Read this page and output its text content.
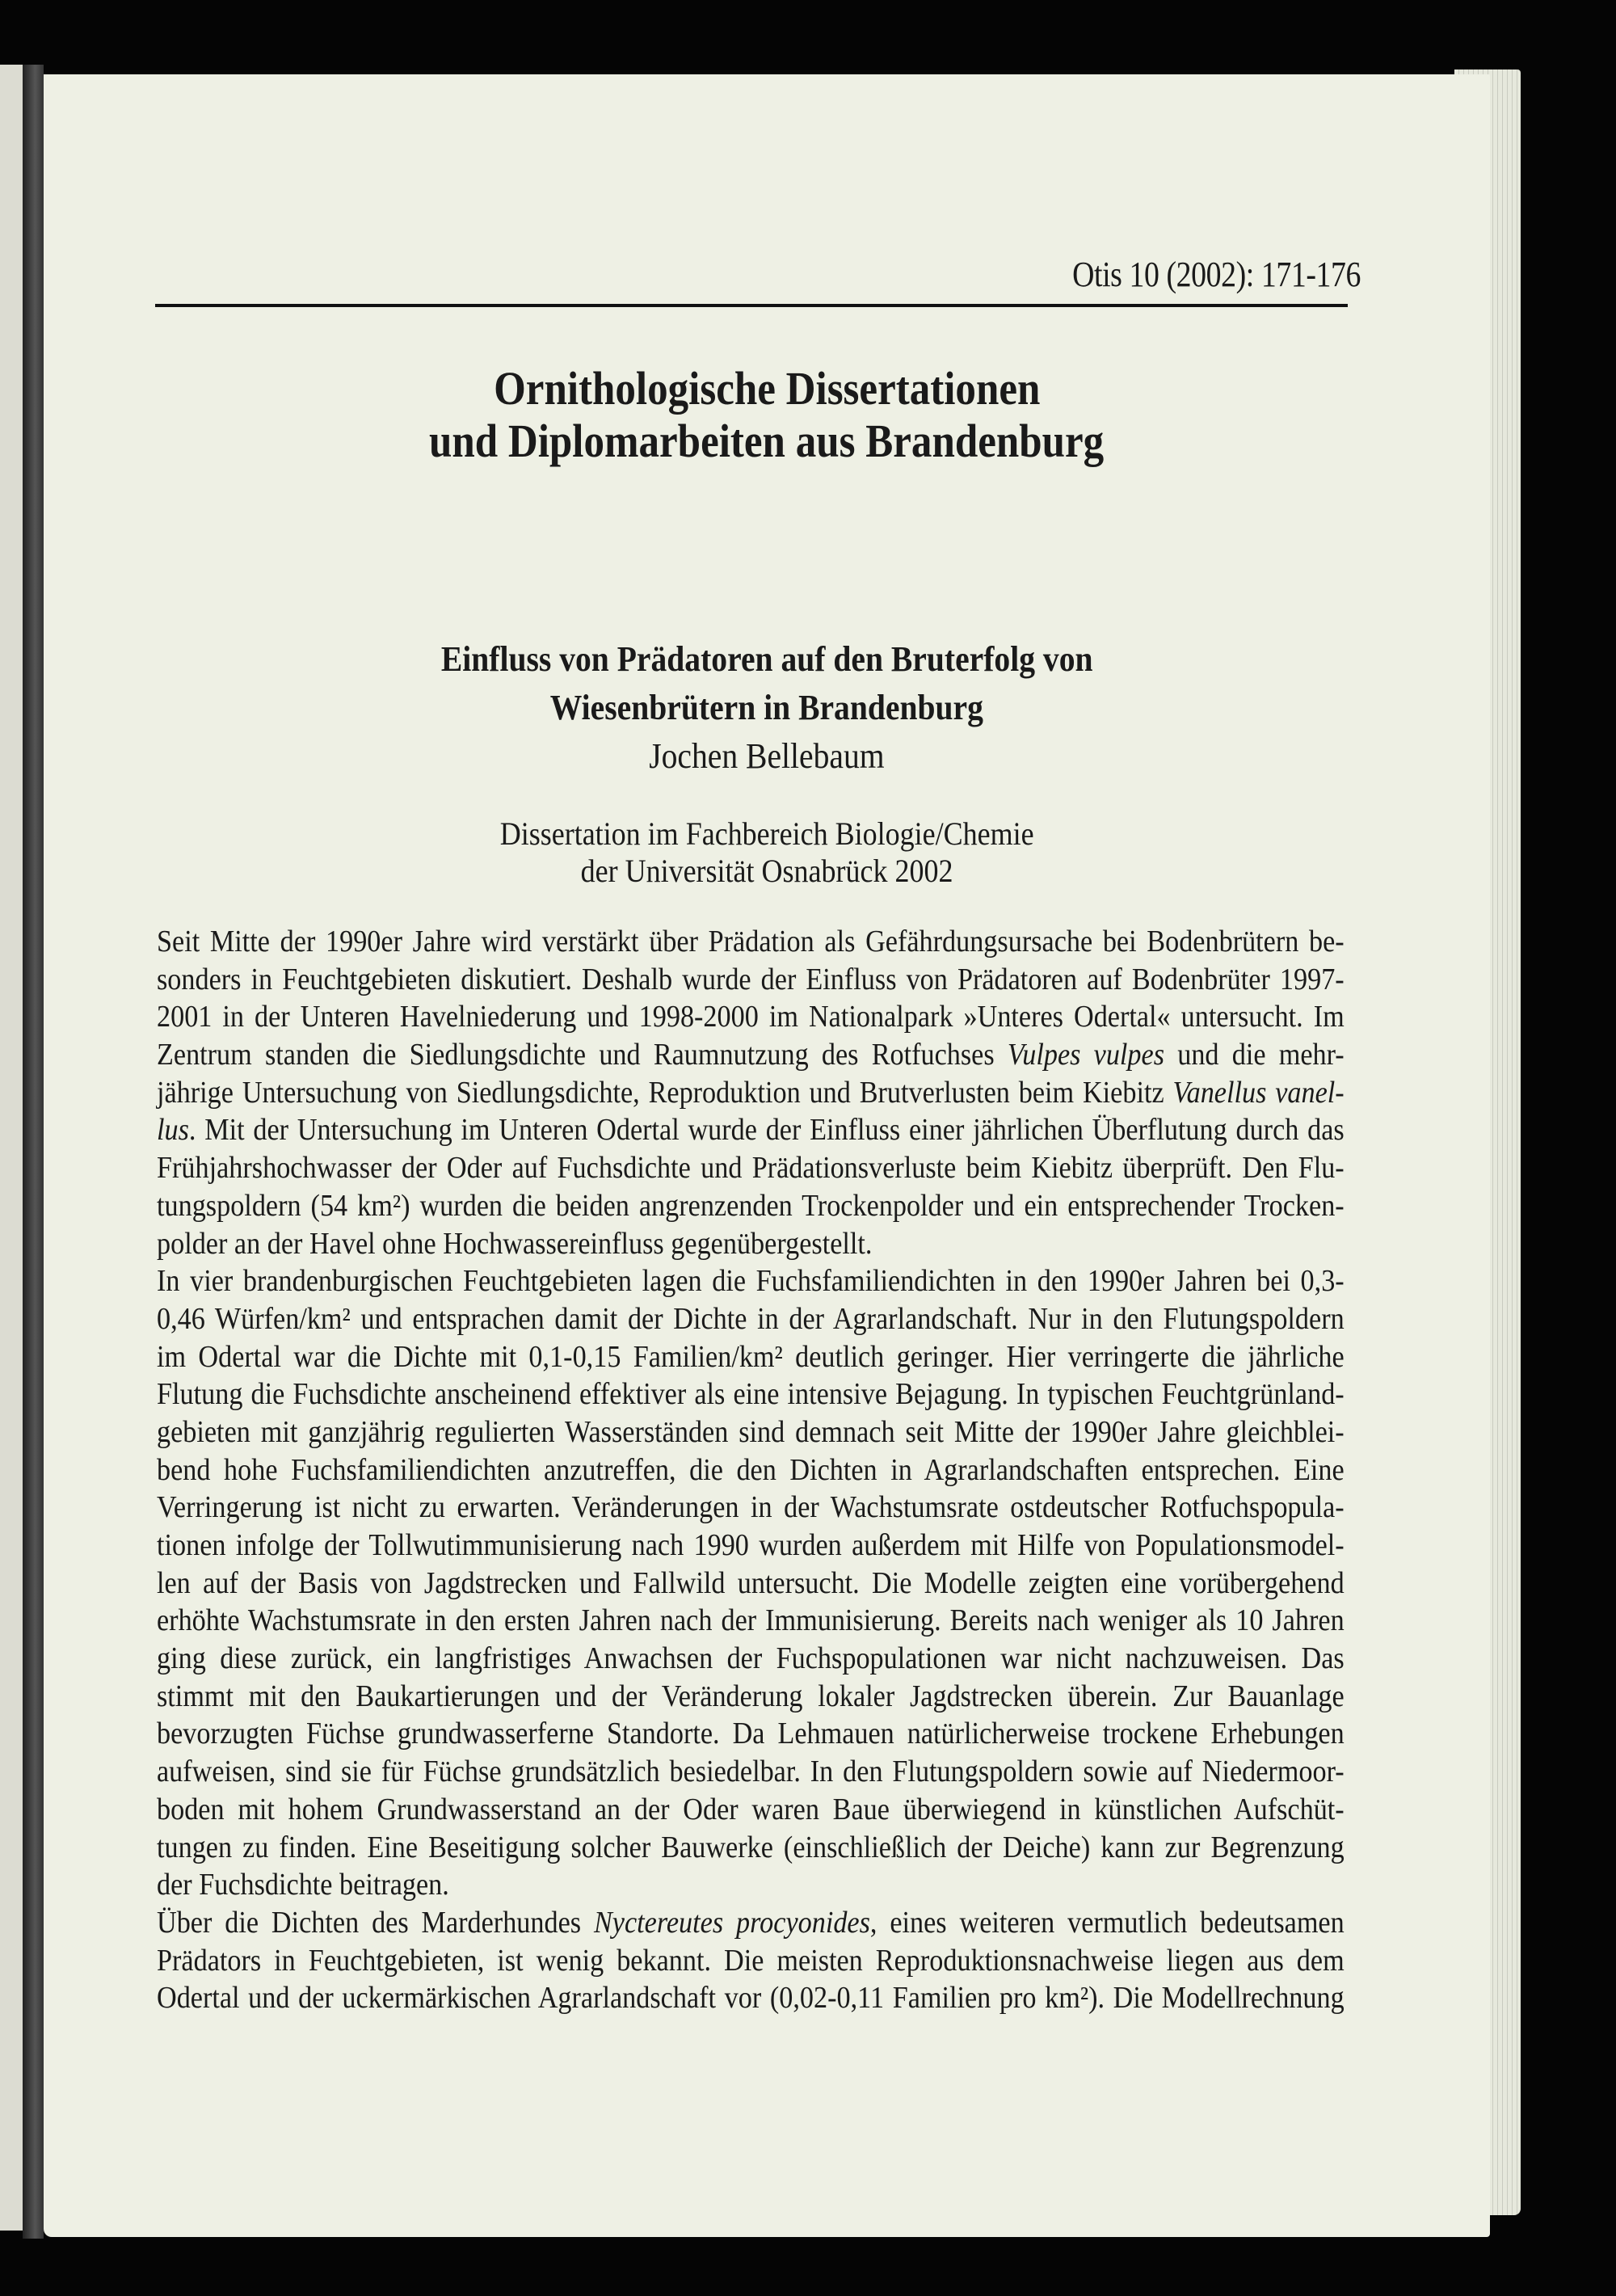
Otis 10 (2002): 171-176
Ornithologische Dissertationen
und Diplomarbeiten aus Brandenburg
Einfluss von Prädatoren auf den Bruterfolg von
Wiesenbrütern in Brandenburg
Jochen Bellebaum
Dissertation im Fachbereich Biologie/Chemie
der Universität Osnabrück 2002
Seit Mitte der 1990er Jahre wird verstärkt über Prädation als Gefährdungsursache bei Bodenbrütern be-
sonders in Feuchtgebieten diskutiert. Deshalb wurde der Einfluss von Prädatoren auf Bodenbrüter 1997-
2001 in der Unteren Havelniederung und 1998-2000 im Nationalpark »Unteres Odertal« untersucht. Im
Zentrum standen die Siedlungsdichte und Raumnutzung des Rotfuchses Vulpes vulpes und die mehr-
jährige Untersuchung von Siedlungsdichte, Reproduktion und Brutverlusten beim Kiebitz Vanellus vanel-
lus. Mit der Untersuchung im Unteren Odertal wurde der Einfluss einer jährlichen Überflutung durch das
Frühjahrshochwasser der Oder auf Fuchsdichte und Prädationsverluste beim Kiebitz überprüft. Den Flu-
tungspoldern (54 km²) wurden die beiden angrenzenden Trockenpolder und ein entsprechender Trocken-
polder an der Havel ohne Hochwassereinfluss gegenübergestellt.
In vier brandenburgischen Feuchtgebieten lagen die Fuchsfamiliendichten in den 1990er Jahren bei 0,3-
0,46 Würfen/km² und entsprachen damit der Dichte in der Agrarlandschaft. Nur in den Flutungspoldern
im Odertal war die Dichte mit 0,1-0,15 Familien/km² deutlich geringer. Hier verringerte die jährliche
Flutung die Fuchsdichte anscheinend effektiver als eine intensive Bejagung. In typischen Feuchtgrünland-
gebieten mit ganzjährig regulierten Wasserständen sind demnach seit Mitte der 1990er Jahre gleichblei-
bend hohe Fuchsfamiliendichten anzutreffen, die den Dichten in Agrarlandschaften entsprechen. Eine
Verringerung ist nicht zu erwarten. Veränderungen in der Wachstumsrate ostdeutscher Rotfuchspopula-
tionen infolge der Tollwutimmunisierung nach 1990 wurden außerdem mit Hilfe von Populationsmodel-
len auf der Basis von Jagdstrecken und Fallwild untersucht. Die Modelle zeigten eine vorübergehend
erhöhte Wachstumsrate in den ersten Jahren nach der Immunisierung. Bereits nach weniger als 10 Jahren
ging diese zurück, ein langfristiges Anwachsen der Fuchspopulationen war nicht nachzuweisen. Das
stimmt mit den Baukartierungen und der Veränderung lokaler Jagdstrecken überein. Zur Bauanlage
bevorzugten Füchse grundwasserferne Standorte. Da Lehmauen natürlicherweise trockene Erhebungen
aufweisen, sind sie für Füchse grundsätzlich besiedelbar. In den Flutungspoldern sowie auf Niedermoor-
boden mit hohem Grundwasserstand an der Oder waren Baue überwiegend in künstlichen Aufschüt-
tungen zu finden. Eine Beseitigung solcher Bauwerke (einschließlich der Deiche) kann zur Begrenzung
der Fuchsdichte beitragen.
Über die Dichten des Marderhundes Nyctereutes procyonides, eines weiteren vermutlich bedeutsamen
Prädators in Feuchtgebieten, ist wenig bekannt. Die meisten Reproduktionsnachweise liegen aus dem
Odertal und der uckermärkischen Agrarlandschaft vor (0,02-0,11 Familien pro km²). Die Modellrechnung
